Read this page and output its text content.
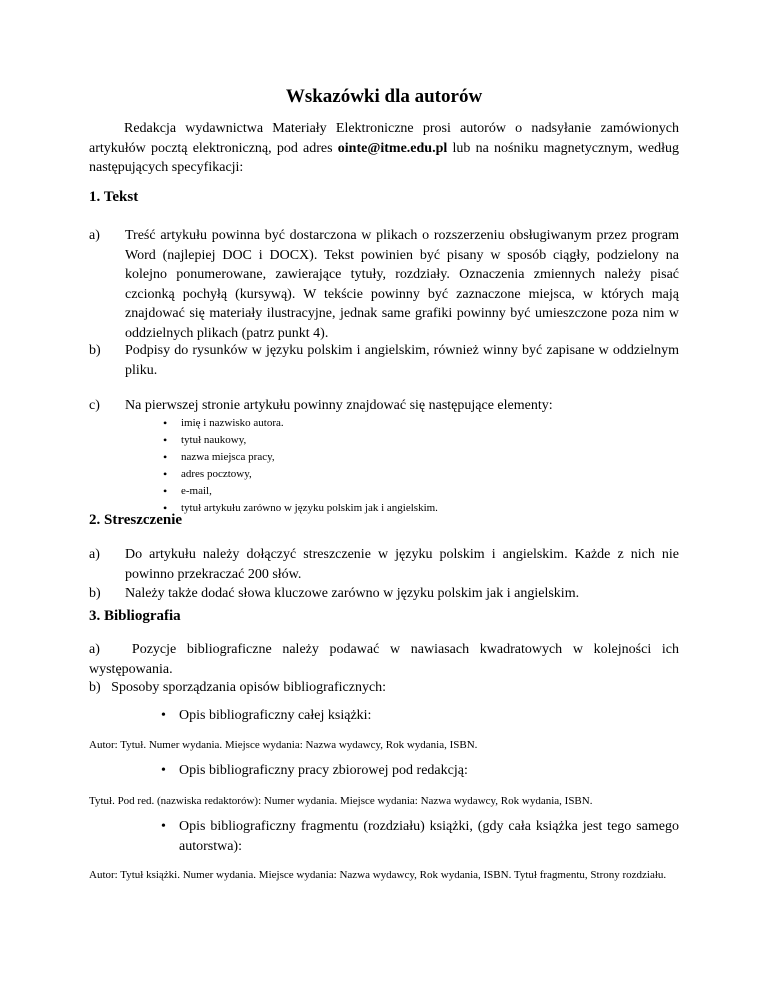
Wskazówki dla autorów

Redakcja wydawnictwa Materiały Elektroniczne prosi autorów o nadsyłanie zamówionych artykułów pocztą elektroniczną, pod adres ointe@itme.edu.pl lub na nośniku magnetycznym, według następujących specyfikacji:

1. Tekst
a)	Treść artykułu powinna być dostarczona w plikach o rozszerzeniu obsługiwanym przez program Word (najlepiej DOC i DOCX). Tekst powinien być pisany w sposób ciągły, podzielony na kolejno ponumerowane, zawierające tytuły, rozdziały. Oznaczenia zmiennych należy pisać czcionką pochyłą (kursywą). W tekście powinny być zaznaczone miejsca, w których mają znajdować się materiały ilustracyjne, jednak same grafiki powinny być umieszczone poza nim w oddzielnych plikach (patrz punkt 4).
b)	Podpisy do rysunków w języku polskim i angielskim, również winny być zapisane w oddzielnym pliku.
c)	Na pierwszej stronie artykułu powinny znajdować się następujące elementy:
• imię i nazwisko autora.
• tytuł naukowy,
• nazwa miejsca pracy,
• adres pocztowy,
• e-mail,
• tytuł artykułu zarówno w języku polskim jak i angielskim.
2. Streszczenie
a)	Do artykułu należy dołączyć streszczenie w języku polskim i angielskim. Każde z nich nie powinno przekraczać 200 słów.
b)	Należy także dodać słowa kluczowe zarówno w języku polskim jak i angielskim.
3. Bibliografia

a)   Pozycje bibliograficzne należy podawać w nawiasach kwadratowych w kolejności ich występowania.

b)   Sposoby sporządzania opisów bibliograficznych:

• Opis bibliograficzny całej książki:

Autor: Tytuł. Numer wydania. Miejsce wydania: Nazwa wydawcy, Rok wydania, ISBN.

• Opis bibliograficzny pracy zbiorowej pod redakcją:

Tytuł. Pod red. (nazwiska redaktorów): Numer wydania. Miejsce wydania: Nazwa wydawcy, Rok wydania, ISBN.

• Opis bibliograficzny fragmentu (rozdziału) książki, (gdy cała książka jest tego samego autorstwa):

Autor: Tytuł książki. Numer wydania. Miejsce wydania: Nazwa wydawcy, Rok wydania, ISBN. Tytuł fragmentu, Strony rozdziału.
